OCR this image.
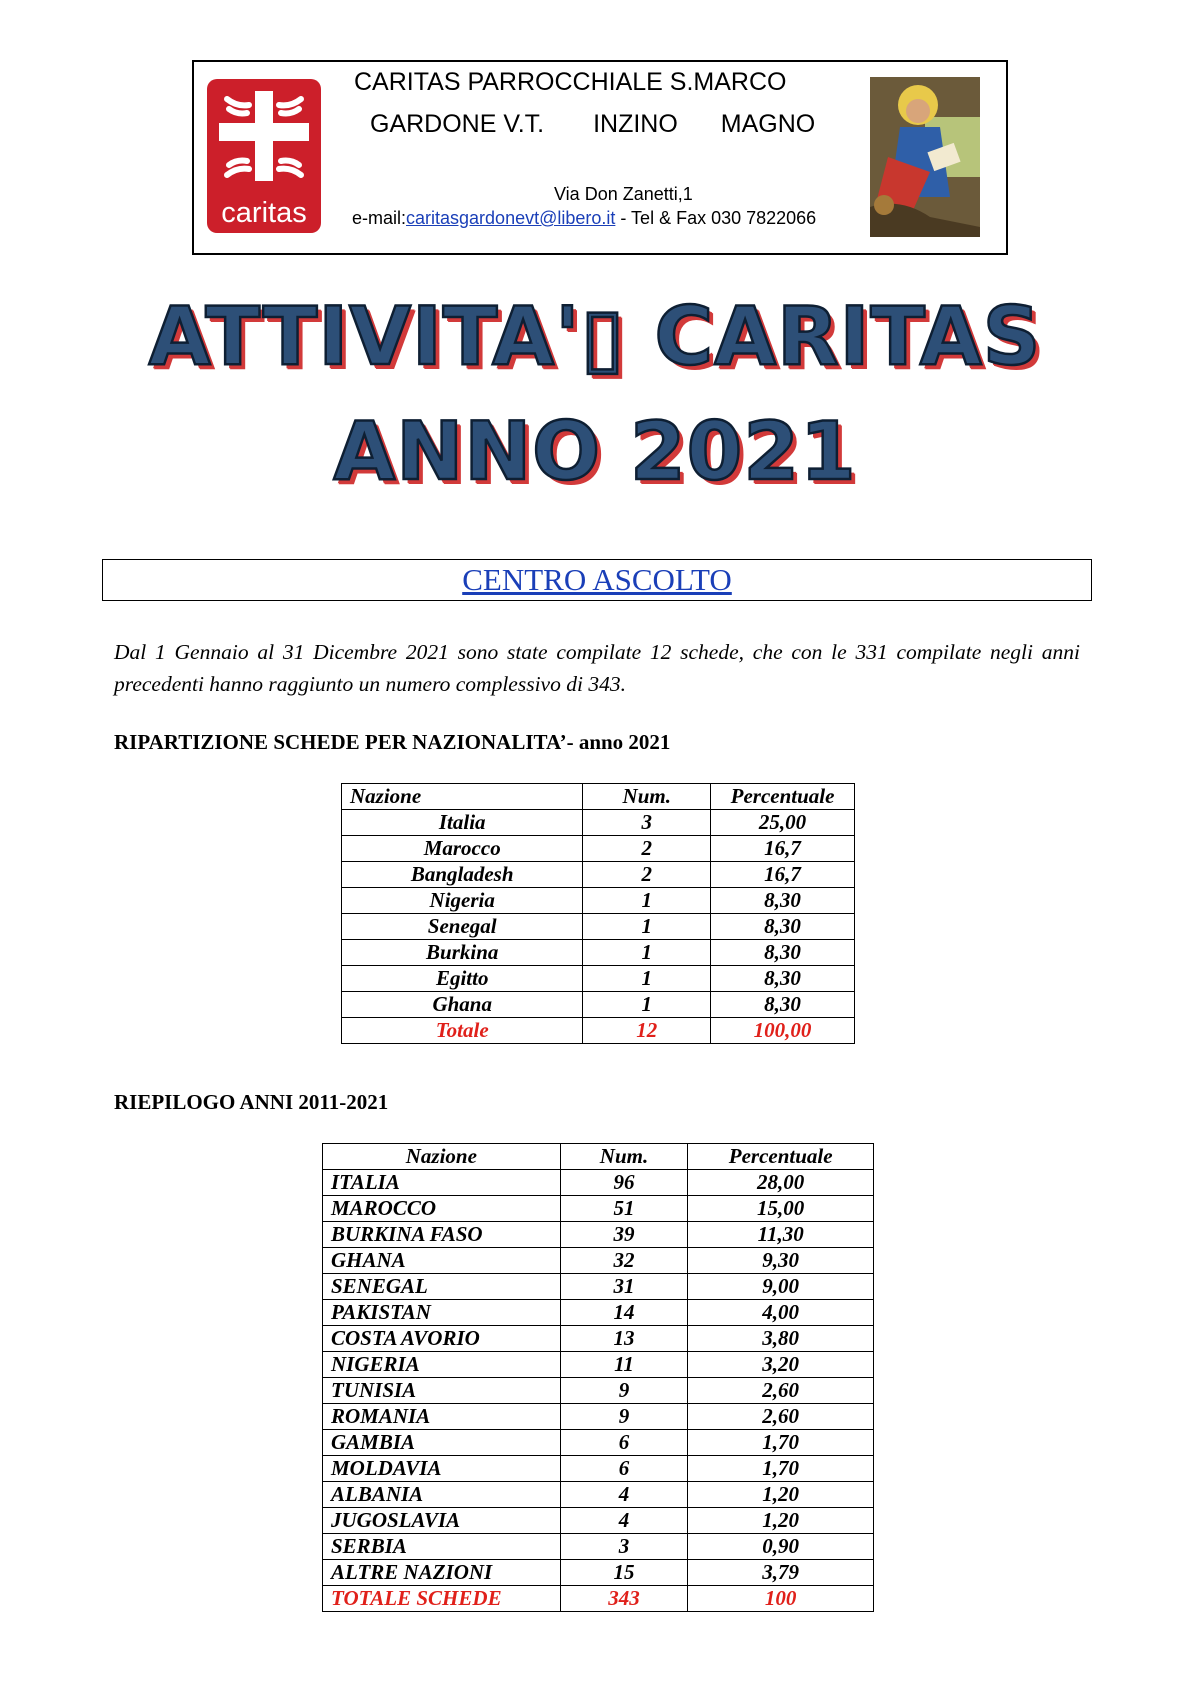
caritas
CARITAS PARROCCHIALE S.MARCO
GARDONE V.T. INZINO MAGNO
Via Don Zanetti,1
e-mail:caritasgardonevt@libero.it - Tel & Fax 030 7822066
ATTIVITA'▯ CARITAS
ANNO 2021
CENTRO ASCOLTO
Dal 1 Gennaio al 31 Dicembre 2021 sono state compilate 12 schede, che con le 331 compilate negli anni precedenti hanno raggiunto un numero complessivo di 343.
RIPARTIZIONE SCHEDE PER NAZIONALITA’- anno 2021
Nazione	Num.	Percentuale
Italia	3	25,00
Marocco	2	16,7
Bangladesh	2	16,7
Nigeria	1	8,30
Senegal	1	8,30
Burkina	1	8,30
Egitto	1	8,30
Ghana	1	8,30
Totale	12	100,00
RIEPILOGO ANNI 2011-2021
Nazione	Num.	Percentuale
ITALIA	96	28,00
MAROCCO	51	15,00
BURKINA FASO	39	11,30
GHANA	32	9,30
SENEGAL	31	9,00
PAKISTAN	14	4,00
COSTA AVORIO	13	3,80
NIGERIA	11	3,20
TUNISIA	9	2,60
ROMANIA	9	2,60
GAMBIA	6	1,70
MOLDAVIA	6	1,70
ALBANIA	4	1,20
JUGOSLAVIA	4	1,20
SERBIA	3	0,90
ALTRE NAZIONI	15	3,79
TOTALE SCHEDE	343	100
